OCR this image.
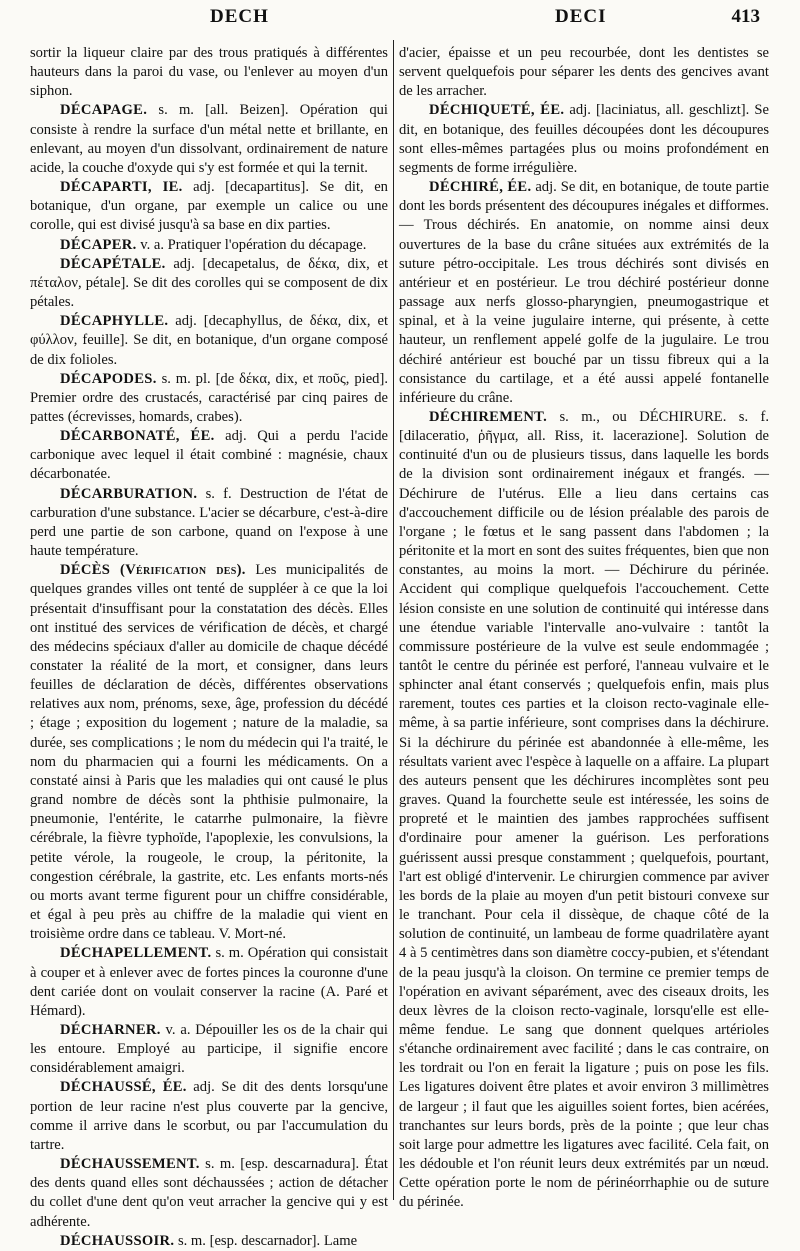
DECH	DECI	413

sortir la liqueur claire par des trous pratiqués à différentes hauteurs dans la paroi du vase, ou l'enlever au moyen d'un siphon.

DÉCAPAGE. s. m. [all. Beizen]. Opération qui consiste à rendre la surface d'un métal nette et brillante, en enlevant, au moyen d'un dissolvant, ordinairement de nature acide, la couche d'oxyde qui s'y est formée et qui la ternit.

DÉCAPARTI, IE. adj. [decapartitus]. Se dit, en botanique, d'un organe, par exemple un calice ou une corolle, qui est divisé jusqu'à sa base en dix parties.

DÉCAPER. v. a. Pratiquer l'opération du décapage.

DÉCAPÉTALE. adj. [decapetalus, de δέκα, dix, et πέταλον, pétale]. Se dit des corolles qui se composent de dix pétales.

DÉCAPHYLLE. adj. [decaphyllus, de δέκα, dix, et φύλλον, feuille]. Se dit, en botanique, d'un organe composé de dix folioles.

DÉCAPODES. s. m. pl. [de δέκα, dix, et ποῦς, pied]. Premier ordre des crustacés, caractérisé par cinq paires de pattes (écrevisses, homards, crabes).

DÉCARBONATÉ, ÉE. adj. Qui a perdu l'acide carbonique avec lequel il était combiné : magnésie, chaux décarbonatée.

DÉCARBURATION. s. f. Destruction de l'état de carburation d'une substance. L'acier se décarbure, c'est-à-dire perd une partie de son carbone, quand on l'expose à une haute température.

DÉCÈS (Vérification des). Les municipalités de quelques grandes villes ont tenté de suppléer à ce que la loi présentait d'insuffisant pour la constatation des décès. Elles ont institué des services de vérification de décès, et chargé des médecins spéciaux d'aller au domicile de chaque décédé constater la réalité de la mort, et consigner, dans leurs feuilles de déclaration de décès, différentes observations relatives aux nom, prénoms, sexe, âge, profession du décédé ; étage ; exposition du logement ; nature de la maladie, sa durée, ses complications ; le nom du médecin qui l'a traité, le nom du pharmacien qui a fourni les médicaments. On a constaté ainsi à Paris que les maladies qui ont causé le plus grand nombre de décès sont la phthisie pulmonaire, la pneumonie, l'entérite, le catarrhe pulmonaire, la fièvre cérébrale, la fièvre typhoïde, l'apoplexie, les convulsions, la petite vérole, la rougeole, le croup, la péritonite, la congestion cérébrale, la gastrite, etc. Les enfants morts-nés ou morts avant terme figurent pour un chiffre considérable, et égal à peu près au chiffre de la maladie qui vient en troisième ordre dans ce tableau. V. Mort-né.

DÉCHAPELLEMENT. s. m. Opération qui consistait à couper et à enlever avec de fortes pinces la couronne d'une dent cariée dont on voulait conserver la racine (A. Paré et Hémard).

DÉCHARNER. v. a. Dépouiller les os de la chair qui les entoure. Employé au participe, il signifie encore considérablement amaigri.

DÉCHAUSSÉ, ÉE. adj. Se dit des dents lorsqu'une portion de leur racine n'est plus couverte par la gencive, comme il arrive dans le scorbut, ou par l'accumulation du tartre.

DÉCHAUSSEMENT. s. m. [esp. descarnadura]. État des dents quand elles sont déchaussées ; action de détacher du collet d'une dent qu'on veut arracher la gencive qui y est adhérente.

DÉCHAUSSOIR. s. m. [esp. descarnador]. Lame

d'acier, épaisse et un peu recourbée, dont les dentistes se servent quelquefois pour séparer les dents des gencives avant de les arracher.

DÉCHIQUETÉ, ÉE. adj. [laciniatus, all. geschlizt]. Se dit, en botanique, des feuilles découpées dont les découpures sont elles-mêmes partagées plus ou moins profondément en segments de forme irrégulière.

DÉCHIRÉ, ÉE. adj. Se dit, en botanique, de toute partie dont les bords présentent des découpures inégales et difformes. — Trous déchirés. En anatomie, on nomme ainsi deux ouvertures de la base du crâne situées aux extrémités de la suture pétro-occipitale. Les trous déchirés sont divisés en antérieur et en postérieur. Le trou déchiré postérieur donne passage aux nerfs glosso-pharyngien, pneumogastrique et spinal, et à la veine jugulaire interne, qui présente, à cette hauteur, un renflement appelé golfe de la jugulaire. Le trou déchiré antérieur est bouché par un tissu fibreux qui a la consistance du cartilage, et a été aussi appelé fontanelle inférieure du crâne.

DÉCHIREMENT. s. m., ou DÉCHIRURE. s. f. [dilaceratio, ῥῆγμα, all. Riss, it. lacerazione]. Solution de continuité d'un ou de plusieurs tissus, dans laquelle les bords de la division sont ordinairement inégaux et frangés. — Déchirure de l'utérus. Elle a lieu dans certains cas d'accouchement difficile ou de lésion préalable des parois de l'organe ; le fœtus et le sang passent dans l'abdomen ; la péritonite et la mort en sont des suites fréquentes, bien que non constantes, au moins la mort. — Déchirure du périnée. Accident qui complique quelquefois l'accouchement. Cette lésion consiste en une solution de continuité qui intéresse dans une étendue variable l'intervalle ano-vulvaire : tantôt la commissure postérieure de la vulve est seule endommagée ; tantôt le centre du périnée est perforé, l'anneau vulvaire et le sphincter anal étant conservés ; quelquefois enfin, mais plus rarement, toutes ces parties et la cloison recto-vaginale elle-même, à sa partie inférieure, sont comprises dans la déchirure. Si la déchirure du périnée est abandonnée à elle-même, les résultats varient avec l'espèce à laquelle on a affaire. La plupart des auteurs pensent que les déchirures incomplètes sont peu graves. Quand la fourchette seule est intéressée, les soins de propreté et le maintien des jambes rapprochées suffisent d'ordinaire pour amener la guérison. Les perforations guérissent aussi presque constamment ; quelquefois, pourtant, l'art est obligé d'intervenir. Le chirurgien commence par aviver les bords de la plaie au moyen d'un petit bistouri convexe sur le tranchant. Pour cela il dissèque, de chaque côté de la solution de continuité, un lambeau de forme quadrilatère ayant 4 à 5 centimètres dans son diamètre coccy-pubien, et s'étendant de la peau jusqu'à la cloison. On termine ce premier temps de l'opération en avivant séparément, avec des ciseaux droits, les deux lèvres de la cloison recto-vaginale, lorsqu'elle est elle-même fendue. Le sang que donnent quelques artérioles s'étanche ordinairement avec facilité ; dans le cas contraire, on les tordrait ou l'on en ferait la ligature ; puis on pose les fils. Les ligatures doivent être plates et avoir environ 3 millimètres de largeur ; il faut que les aiguilles soient fortes, bien acérées, tranchantes sur leurs bords, près de la pointe ; que leur chas soit large pour admettre les ligatures avec facilité. Cela fait, on les dédouble et l'on réunit leurs deux extrémités par un nœud. Cette opération porte le nom de périnéorrhaphie ou de suture du périnée.
